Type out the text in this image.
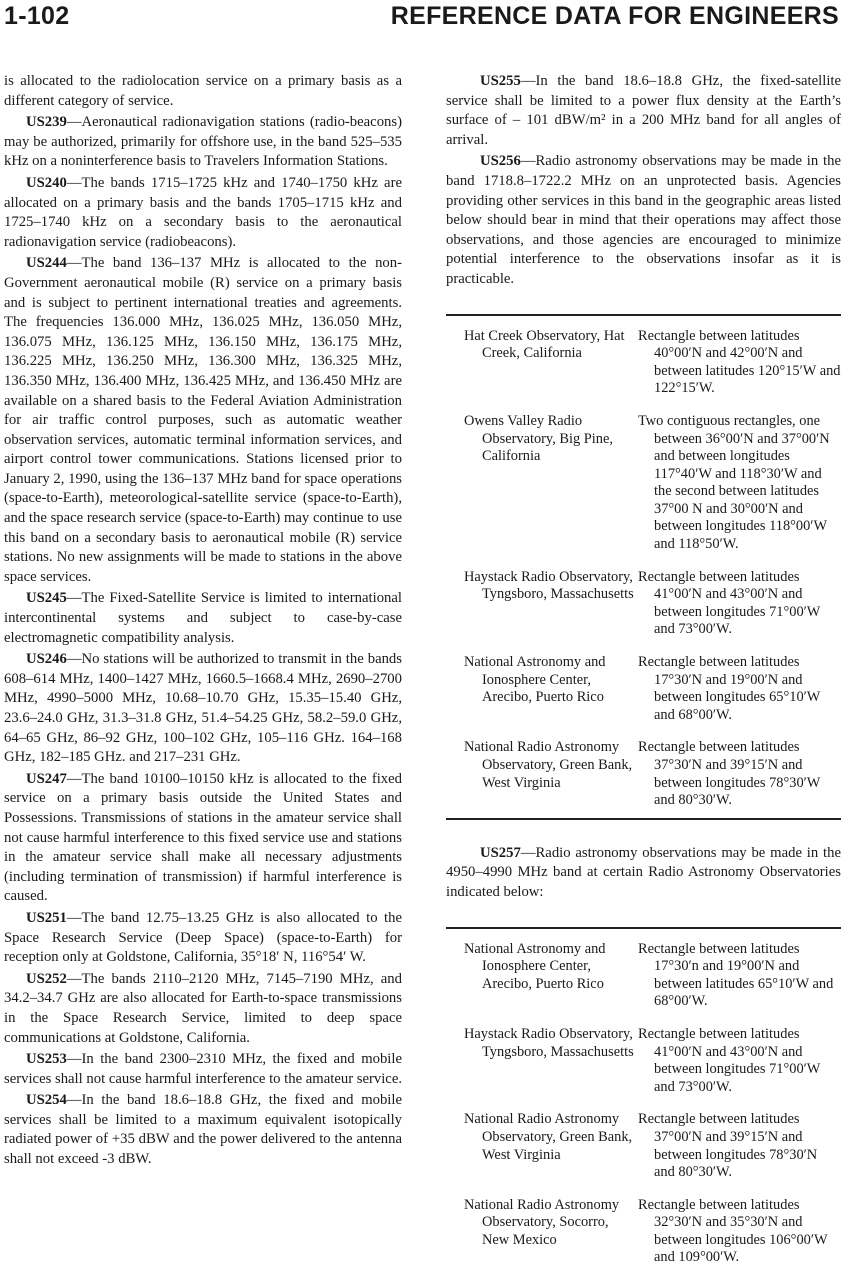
1-102	REFERENCE DATA FOR ENGINEERS

is allocated to the radiolocation service on a primary basis as a different category of service.

US239—Aeronautical radionavigation stations (radio-beacons) may be authorized, primarily for offshore use, in the band 525–535 kHz on a noninterference basis to Travelers Information Stations.

US240—The bands 1715–1725 kHz and 1740–1750 kHz are allocated on a primary basis and the bands 1705–1715 kHz and 1725–1740 kHz on a secondary basis to the aeronautical radionavigation service (radiobeacons).

US244—The band 136–137 MHz is allocated to the non-Government aeronautical mobile (R) service on a primary basis and is subject to pertinent international treaties and agreements. The frequencies 136.000 MHz, 136.025 MHz, 136.050 MHz, 136.075 MHz, 136.125 MHz, 136.150 MHz, 136.175 MHz, 136.225 MHz, 136.250 MHz, 136.300 MHz, 136.325 MHz, 136.350 MHz, 136.400 MHz, 136.425 MHz, and 136.450 MHz are available on a shared basis to the Federal Aviation Administration for air traffic control purposes, such as automatic weather observation services, automatic terminal information services, and airport control tower communications. Stations licensed prior to January 2, 1990, using the 136–137 MHz band for space operations (space-to-Earth), meteorological-satellite service (space-to-Earth), and the space research service (space-to-Earth) may continue to use this band on a secondary basis to aeronautical mobile (R) service stations. No new assignments will be made to stations in the above space services.

US245—The Fixed-Satellite Service is limited to international intercontinental systems and subject to case-by-case electromagnetic compatibility analysis.

US246—No stations will be authorized to transmit in the bands 608–614 MHz, 1400–1427 MHz, 1660.5–1668.4 MHz, 2690–2700 MHz, 4990–5000 MHz, 10.68–10.70 GHz, 15.35–15.40 GHz, 23.6–24.0 GHz, 31.3–31.8 GHz, 51.4–54.25 GHz, 58.2–59.0 GHz, 64–65 GHz, 86–92 GHz, 100–102 GHz, 105–116 GHz. 164–168 GHz, 182–185 GHz. and 217–231 GHz.

US247—The band 10100–10150 kHz is allocated to the fixed service on a primary basis outside the United States and Possessions. Transmissions of stations in the amateur service shall not cause harmful interference to this fixed service use and stations in the amateur service shall make all necessary adjustments (including termination of transmission) if harmful interference is caused.

US251—The band 12.75–13.25 GHz is also allocated to the Space Research Service (Deep Space) (space-to-Earth) for reception only at Goldstone, California, 35°18′ N, 116°54′ W.

US252—The bands 2110–2120 MHz, 7145–7190 MHz, and 34.2–34.7 GHz are also allocated for Earth-to-space transmissions in the Space Research Service, limited to deep space communications at Goldstone, California.

US253—In the band 2300–2310 MHz, the fixed and mobile services shall not cause harmful interference to the amateur service.

US254—In the band 18.6–18.8 GHz, the fixed and mobile services shall be limited to a maximum equivalent isotopically radiated power of +35 dBW and the power delivered to the antenna shall not exceed -3 dBW.

US255—In the band 18.6–18.8 GHz, the fixed-satellite service shall be limited to a power flux density at the Earth’s surface of – 101 dBW/m² in a 200 MHz band for all angles of arrival.

US256—Radio astronomy observations may be made in the band 1718.8–1722.2 MHz on an unprotected basis. Agencies providing other services in this band in the geographic areas listed below should bear in mind that their operations may affect those observations, and those agencies are encouraged to minimize potential interference to the observations insofar as it is practicable.

Hat Creek Observatory, Hat Creek, California	Rectangle between latitudes 40°00′N and 42°00′N and between latitudes 120°15′W and 122°15′W.

Owens Valley Radio Observatory, Big Pine, California	Two contiguous rectangles, one between 36°00′N and 37°00′N and between longitudes 117°40′W and 118°30′W and the second between latitudes 37°00 N and 30°00′N and between longitudes 118°00′W and 118°50′W.

Haystack Radio Observatory, Tyngsboro, Massachusetts	Rectangle between latitudes 41°00′N and 43°00′N and between longitudes 71°00′W and 73°00′W.

National Astronomy and Ionosphere Center, Arecibo, Puerto Rico	Rectangle between latitudes 17°30′N and 19°00′N and between longitudes 65°10′W and 68°00′W.

National Radio Astronomy Observatory, Green Bank, West Virginia	Rectangle between latitudes 37°30′N and 39°15′N and between longitudes 78°30′W and 80°30′W.

US257—Radio astronomy observations may be made in the 4950–4990 MHz band at certain Radio Astronomy Observatories indicated below:

National Astronomy and Ionosphere Center, Arecibo, Puerto Rico	Rectangle between latitudes 17°30′n and 19°00′N and between latitudes 65°10′W and 68°00′W.

Haystack Radio Observatory, Tyngsboro, Massachusetts	Rectangle between latitudes 41°00′N and 43°00′N and between longitudes 71°00′W and 73°00′W.

National Radio Astronomy Observatory, Green Bank, West Virginia	Rectangle between latitudes 37°00′N and 39°15′N and between longitudes 78°30′N and 80°30′W.

National Radio Astronomy Observatory, Socorro, New Mexico	Rectangle between latitudes 32°30′N and 35°30′N and between longitudes 106°00′W and 109°00′W.
